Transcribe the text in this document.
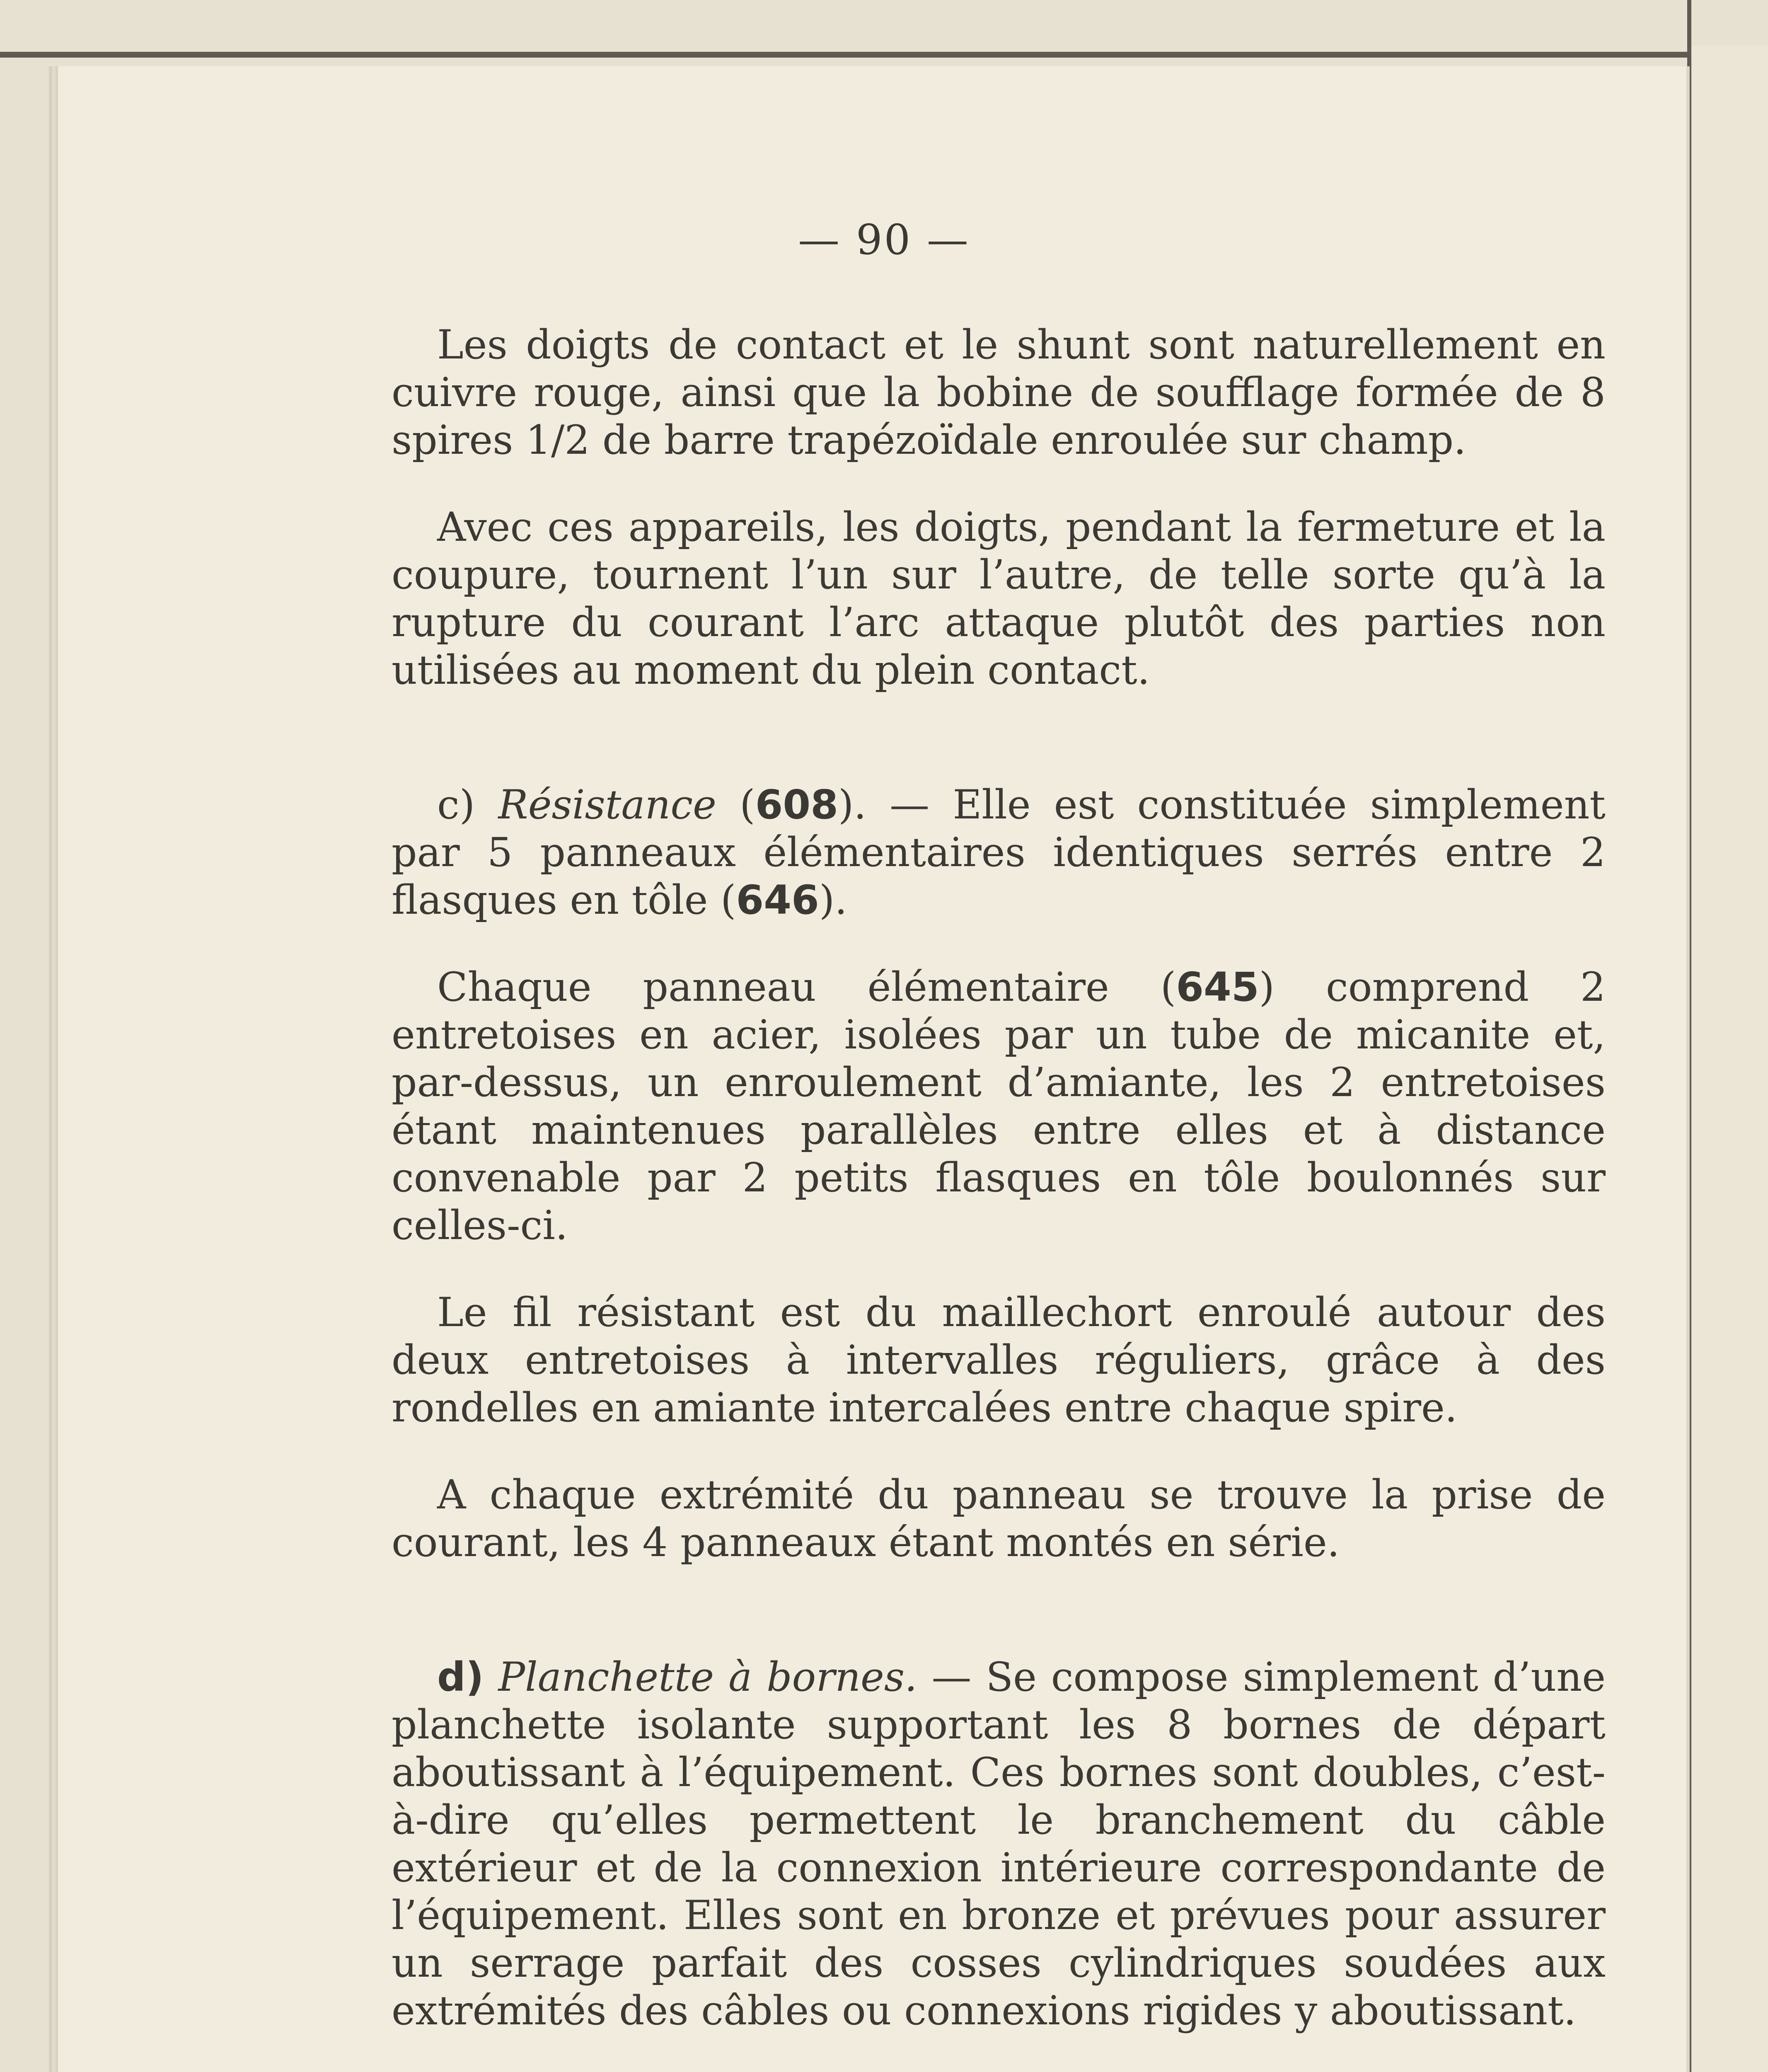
— 90 —

Les doigts de contact et le shunt sont naturellement en cuivre rouge, ainsi que la bobine de soufflage formée de 8 spires 1/2 de barre trapézoïdale enroulée sur champ.

Avec ces appareils, les doigts, pendant la fermeture et la coupure, tournent l’un sur l’autre, de telle sorte qu’à la rupture du courant l’arc attaque plutôt des parties non utilisées au moment du plein contact.

c) Résistance (608). — Elle est constituée simplement par 5 panneaux élémentaires identiques serrés entre 2 flasques en tôle (646).

Chaque panneau élémentaire (645) comprend 2 entretoises en acier, isolées par un tube de micanite et, par-dessus, un enroulement d’amiante, les 2 entretoises étant maintenues parallèles entre elles et à distance convenable par 2 petits flasques en tôle boulonnés sur celles-ci.

Le fil résistant est du maillechort enroulé autour des deux entretoises à intervalles réguliers, grâce à des rondelles en amiante intercalées entre chaque spire.

A chaque extrémité du panneau se trouve la prise de courant, les 4 panneaux étant montés en série.

d) Planchette à bornes. — Se compose simplement d’une planchette isolante supportant les 8 bornes de départ aboutissant à l’équipement. Ces bornes sont doubles, c’est-à-dire qu’elles permettent le branchement du câble extérieur et de la connexion intérieure correspondante de l’équipement. Elles sont en bronze et prévues pour assurer un serrage parfait des cosses cylindriques soudées aux extrémités des câbles ou connexions rigides y aboutissant.
